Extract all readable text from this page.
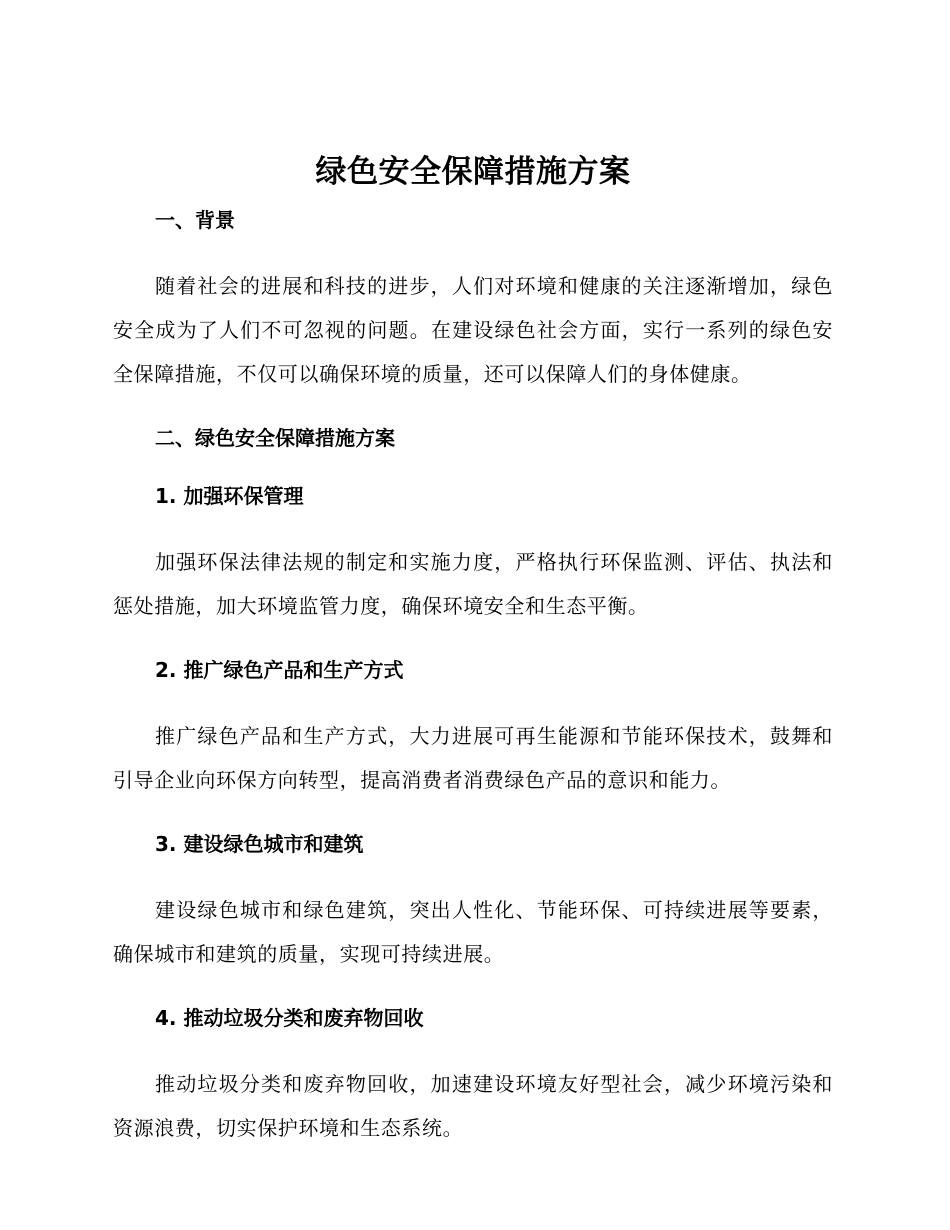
绿色安全保障措施方案
一、背景

随着社会的进展和科技的进步，人们对环境和健康的关注逐渐增加，绿色安全成为了人们不可忽视的问题。在建设绿色社会方面，实行一系列的绿色安全保障措施，不仅可以确保环境的质量，还可以保障人们的身体健康。

二、绿色安全保障措施方案
1. 加强环保管理

加强环保法律法规的制定和实施力度，严格执行环保监测、评估、执法和惩处措施，加大环境监管力度，确保环境安全和生态平衡。

2. 推广绿色产品和生产方式

推广绿色产品和生产方式，大力进展可再生能源和节能环保技术，鼓舞和引导企业向环保方向转型，提高消费者消费绿色产品的意识和能力。

3. 建设绿色城市和建筑

建设绿色城市和绿色建筑，突出人性化、节能环保、可持续进展等要素，确保城市和建筑的质量，实现可持续进展。

4. 推动垃圾分类和废弃物回收

推动垃圾分类和废弃物回收，加速建设环境友好型社会，减少环境污染和资源浪费，切实保护环境和生态系统。
